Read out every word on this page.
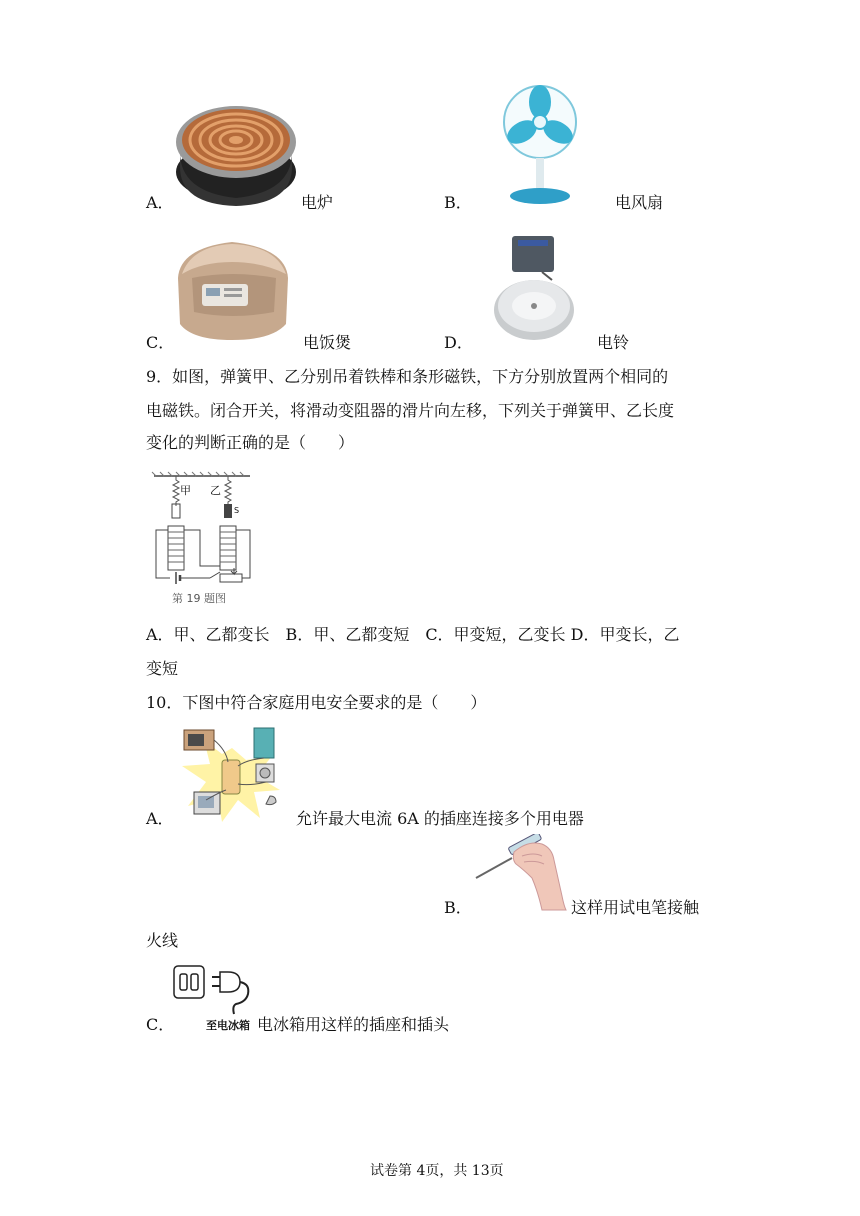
A．	电炉	B．	电风扇
C．	电饭煲	D．	电铃
9．如图，弹簧甲、乙分别吊着铁棒和条形磁铁，下方分别放置两个相同的
电磁铁。闭合开关，将滑动变阻器的滑片向左移，下列关于弹簧甲、乙长度
变化的判断正确的是（　　）
甲 乙
S
第 19 题图
A．甲、乙都变长　B．甲、乙都变短　C．甲变短，乙变长 D．甲变长，乙
变短
10．下图中符合家庭用电安全要求的是（　　）
A．	允许最大电流 6A 的插座连接多个用电器
B．	这样用试电笔接触
火线
至电冰箱
C．	电冰箱用这样的插座和插头
试卷第 4页，共 13页
